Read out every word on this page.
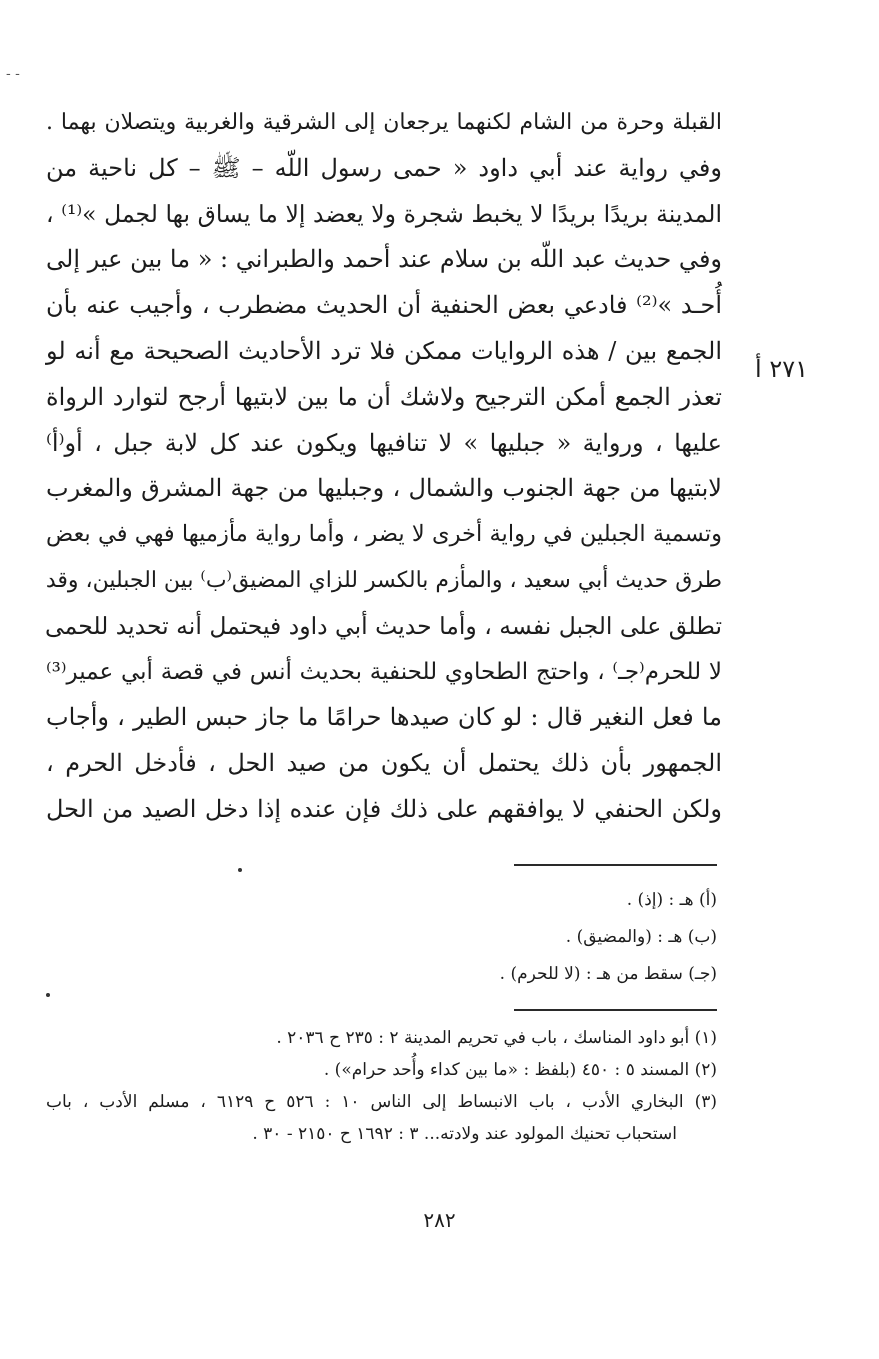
- -
القبلة وحرة من الشام لكنهما يرجعان إلى الشرقية والغربية ويتصلان بهما .
وفي رواية عند أبي داود « حمى رسول اللّه – ﷺ – كل ناحية من
المدينة بريدًا بريدًا لا يخبط شجرة ولا يعضد إلا ما يساق بها لجمل »⁽¹⁾ ،
وفي حديث عبد اللّه بن سلام عند أحمد والطبراني : « ما بين عير إلى
أُحـد »⁽²⁾ فادعي بعض الحنفية أن الحديث مضطرب ، وأجيب عنه بأن
الجمع بين / هذه الروايات ممكن فلا ترد الأحاديث الصحيحة مع أنه لو
تعذر الجمع أمكن الترجيح ولاشك أن ما بين لابتيها أرجح لتوارد الرواة
عليها ، ورواية « جبليها » لا تنافيها ويكون عند كل لابة جبل ، أو⁽أ⁾
لابتيها من جهة الجنوب والشمال ، وجبليها من جهة المشرق والمغرب
وتسمية الجبلين في رواية أخرى لا يضر ، وأما رواية مأزميها فهي في بعض
طرق حديث أبي سعيد ، والمأزم بالكسر للزاي المضيق⁽ب⁾ بين الجبلين، وقد
تطلق على الجبل نفسه ، وأما حديث أبي داود فيحتمل أنه تحديد للحمى
لا للحرم⁽جـ⁾ ، واحتج الطحاوي للحنفية بحديث أنس في قصة أبي عمير⁽³⁾
ما فعل النغير قال : لو كان صيدها حرامًا ما جاز حبس الطير ، وأجاب
الجمهور بأن ذلك يحتمل أن يكون من صيد الحل ، فأدخل الحرم ،
ولكن الحنفي لا يوافقهم على ذلك فإن عنده إذا دخل الصيد من الحل
٢٧١ أ
(أ) هـ : (إذ) .
(ب) هـ : (والمضيق) .
(جـ) سقط من هـ : (لا للحرم) .
(١) أبو داود المناسك ، باب في تحريم المدينة ٢ : ٢٣٥ ح ٢٠٣٦ .
(٢) المسند ٥ : ٤٥٠ (بلفظ : «ما بين كداء وأُحد حرام») .
(٣) البخاري الأدب ، باب الانبساط إلى الناس ١٠ : ٥٢٦ ح ٦١٢٩ ، مسلم الأدب ، باب
استحباب تحنيك المولود عند ولادته... ٣ : ١٦٩٢ ح ٢١٥٠ - ٣٠ .
٢٨٢
